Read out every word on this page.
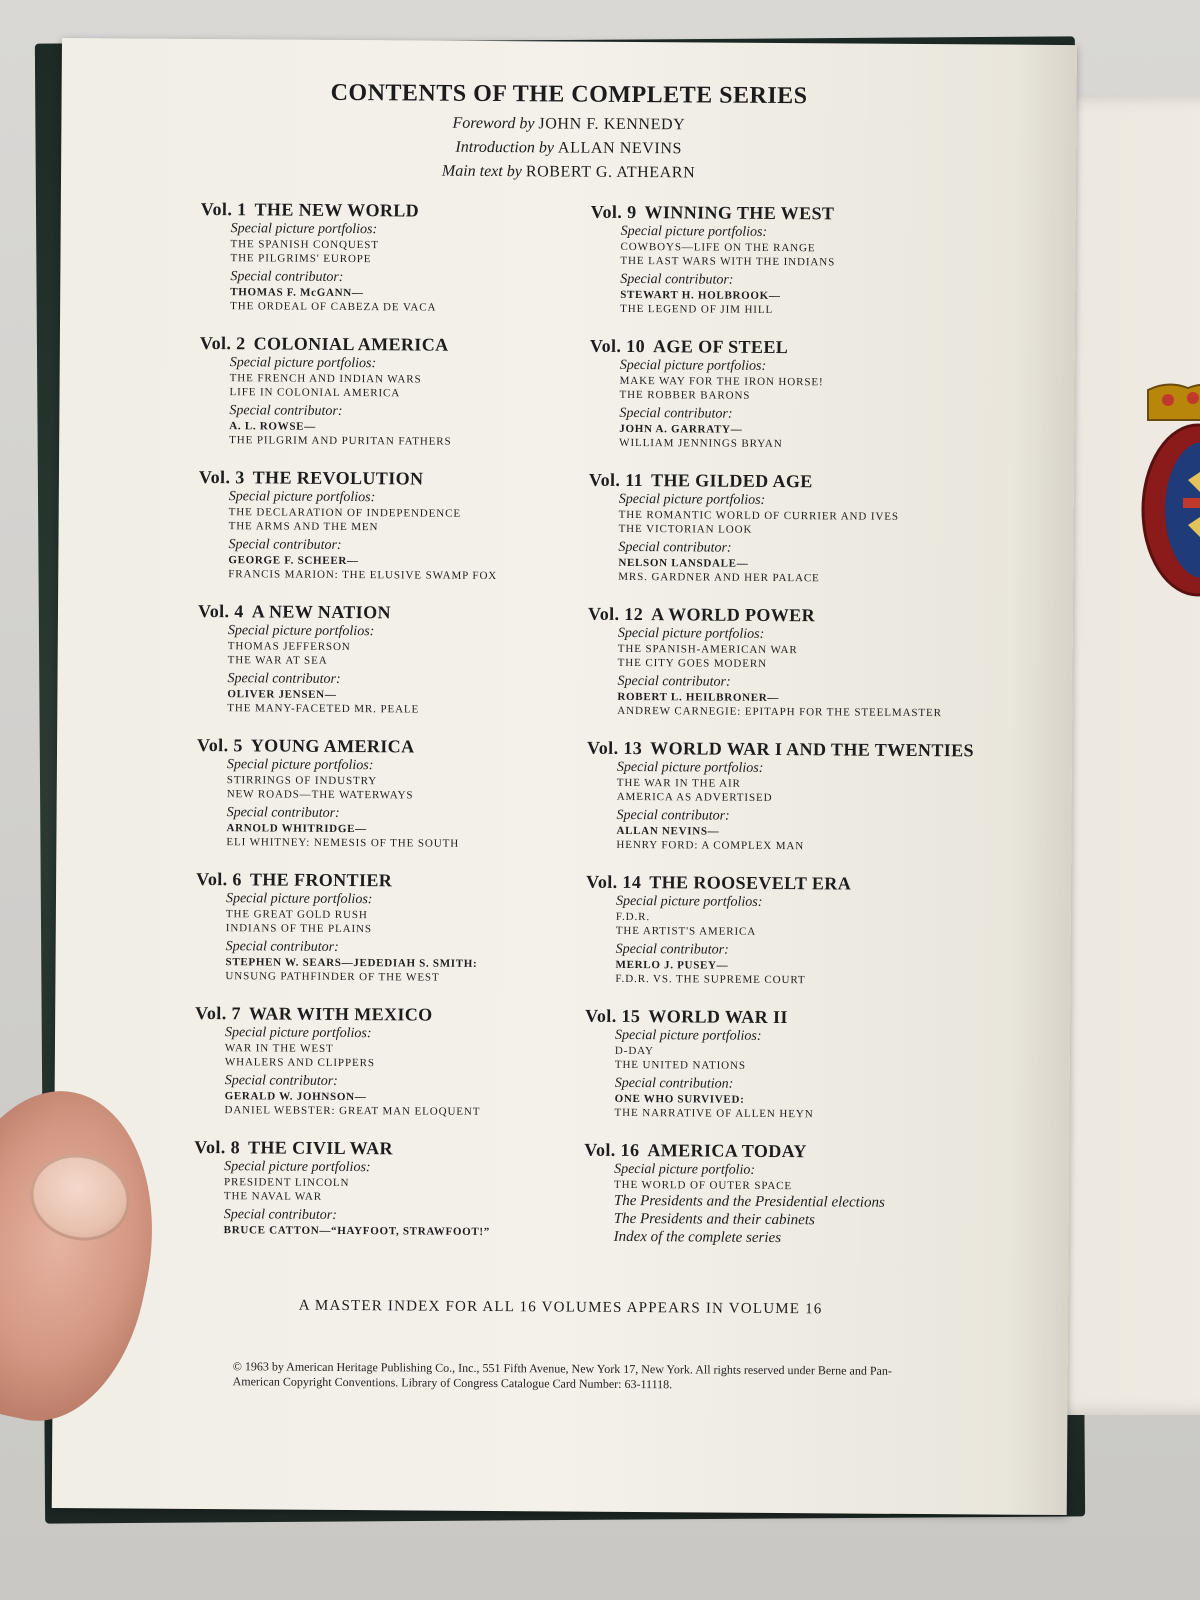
CONTENTS OF THE COMPLETE SERIES
Foreword by JOHN F. KENNEDY
Introduction by ALLAN NEVINS
Main text by ROBERT G. ATHEARN
Vol. 1 THE NEW WORLD
Special picture portfolios:
THE SPANISH CONQUEST
THE PILGRIMS' EUROPE
Special contributor:
THOMAS F. McGANN—
THE ORDEAL OF CABEZA DE VACA
Vol. 2 COLONIAL AMERICA
Special picture portfolios:
THE FRENCH AND INDIAN WARS
LIFE IN COLONIAL AMERICA
Special contributor:
A. L. ROWSE—
THE PILGRIM AND PURITAN FATHERS
Vol. 3 THE REVOLUTION
Special picture portfolios:
THE DECLARATION OF INDEPENDENCE
THE ARMS AND THE MEN
Special contributor:
GEORGE F. SCHEER—
FRANCIS MARION: THE ELUSIVE SWAMP FOX
Vol. 4 A NEW NATION
Special picture portfolios:
THOMAS JEFFERSON
THE WAR AT SEA
Special contributor:
OLIVER JENSEN—
THE MANY-FACETED MR. PEALE
Vol. 5 YOUNG AMERICA
Special picture portfolios:
STIRRINGS OF INDUSTRY
NEW ROADS—THE WATERWAYS
Special contributor:
ARNOLD WHITRIDGE—
ELI WHITNEY: NEMESIS OF THE SOUTH
Vol. 6 THE FRONTIER
Special picture portfolios:
THE GREAT GOLD RUSH
INDIANS OF THE PLAINS
Special contributor:
STEPHEN W. SEARS—JEDEDIAH S. SMITH:
UNSUNG PATHFINDER OF THE WEST
Vol. 7 WAR WITH MEXICO
Special picture portfolios:
WAR IN THE WEST
WHALERS AND CLIPPERS
Special contributor:
GERALD W. JOHNSON—
DANIEL WEBSTER: GREAT MAN ELOQUENT
Vol. 8 THE CIVIL WAR
Special picture portfolios:
PRESIDENT LINCOLN
THE NAVAL WAR
Special contributor:
BRUCE CATTON—“HAYFOOT, STRAWFOOT!”
Vol. 9 WINNING THE WEST
Special picture portfolios:
COWBOYS—LIFE ON THE RANGE
THE LAST WARS WITH THE INDIANS
Special contributor:
STEWART H. HOLBROOK—
THE LEGEND OF JIM HILL
Vol. 10 AGE OF STEEL
Special picture portfolios:
MAKE WAY FOR THE IRON HORSE!
THE ROBBER BARONS
Special contributor:
JOHN A. GARRATY—
WILLIAM JENNINGS BRYAN
Vol. 11 THE GILDED AGE
Special picture portfolios:
THE ROMANTIC WORLD OF CURRIER AND IVES
THE VICTORIAN LOOK
Special contributor:
NELSON LANSDALE—
MRS. GARDNER AND HER PALACE
Vol. 12 A WORLD POWER
Special picture portfolios:
THE SPANISH-AMERICAN WAR
THE CITY GOES MODERN
Special contributor:
ROBERT L. HEILBRONER—
ANDREW CARNEGIE: EPITAPH FOR THE STEELMASTER
Vol. 13 WORLD WAR I AND THE TWENTIES
Special picture portfolios:
THE WAR IN THE AIR
AMERICA AS ADVERTISED
Special contributor:
ALLAN NEVINS—
HENRY FORD: A COMPLEX MAN
Vol. 14 THE ROOSEVELT ERA
Special picture portfolios:
F.D.R.
THE ARTIST'S AMERICA
Special contributor:
MERLO J. PUSEY—
F.D.R. VS. THE SUPREME COURT
Vol. 15 WORLD WAR II
Special picture portfolios:
D-DAY
THE UNITED NATIONS
Special contribution:
ONE WHO SURVIVED:
THE NARRATIVE OF ALLEN HEYN
Vol. 16 AMERICA TODAY
Special picture portfolio:
THE WORLD OF OUTER SPACE
The Presidents and the Presidential elections
The Presidents and their cabinets
Index of the complete series
A MASTER INDEX FOR ALL 16 VOLUMES APPEARS IN VOLUME 16
© 1963 by American Heritage Publishing Co., Inc., 551 Fifth Avenue, New York 17, New York. All rights reserved under Berne and Pan-American Copyright Conventions. Library of Congress Catalogue Card Number: 63-11118.
